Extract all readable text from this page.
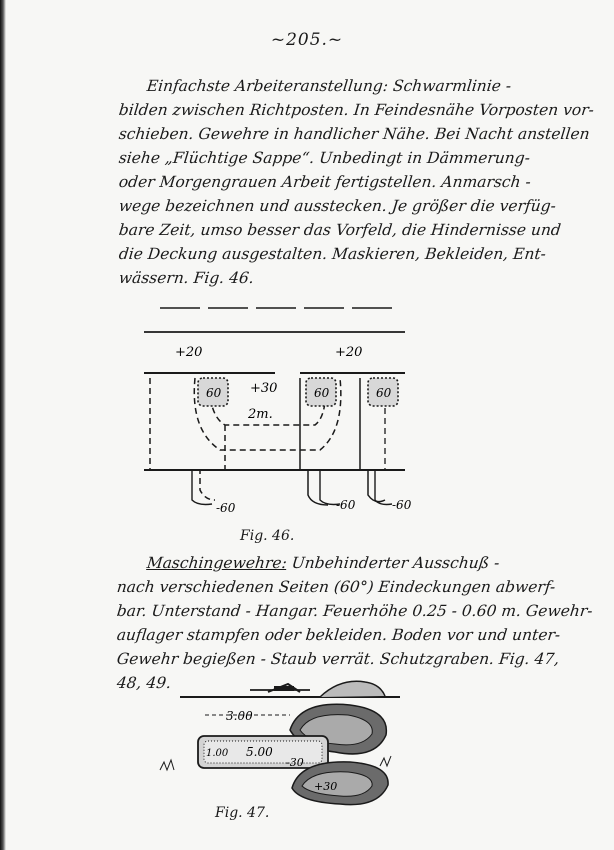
~205.~
Einfachste Arbeiteranstellung: Schwarmlinie -
bilden zwischen Richtposten. In Feindesnähe Vorposten vor-
schieben. Gewehre in handlicher Nähe. Bei Nacht anstellen
siehe „Flüchtige Sappe“. Unbedingt in Dämmerung-
oder Morgengrauen Arbeit fertigstellen. Anmarsch -
wege bezeichnen und ausstecken. Je größer die verfüg-
bare Zeit, umso besser das Vorfeld, die Hindernisse und
die Deckung ausgestalten. Maskieren, Bekleiden, Ent-
wässern. Fig. 46.
+20	+20
+30
2m.
60	60	60
-60	-60	-60
Fig. 46.
Maschingewehre: Unbehinderter Ausschuß -
nach verschiedenen Seiten (60°) Eindeckungen abwerf-
bar. Unterstand - Hangar. Feuerhöhe 0.25 - 0.60 m. Gewehr-
auflager stampfen oder bekleiden. Boden vor und unter-
Gewehr begießen - Staub verrät. Schutzgraben. Fig. 47,
48, 49.
3.00
5.00
1.00
-30
+30
Fig. 47.
